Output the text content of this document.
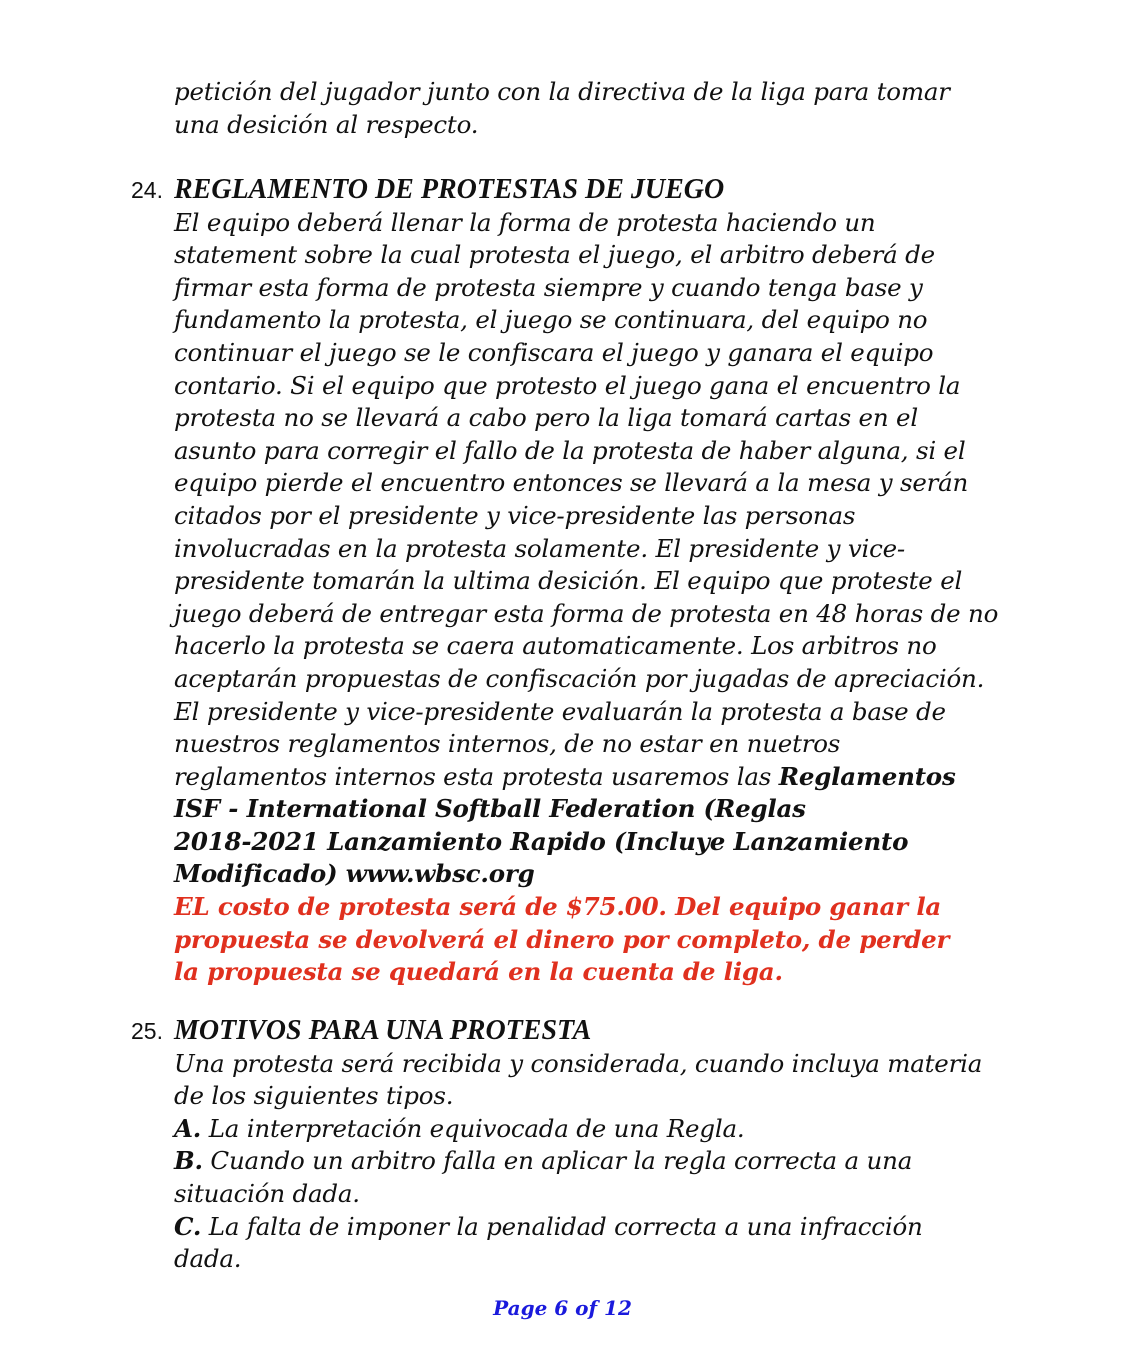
petición del jugador junto con la directiva de la liga para tomar
una desición al respecto.
24. REGLAMENTO DE PROTESTAS DE JUEGO
El equipo deberá llenar la forma de protesta haciendo un
statement sobre la cual protesta el juego, el arbitro deberá de
firmar esta forma de protesta siempre y cuando tenga base y
fundamento la protesta, el juego se continuara, del equipo no
continuar el juego se le confiscara el juego y ganara el equipo
contario. Si el equipo que protesto el juego gana el encuentro la
protesta no se llevará a cabo pero la liga tomará cartas en el
asunto para corregir el fallo de la protesta de haber alguna, si el
equipo pierde el encuentro entonces se llevará a la mesa y serán
citados por el presidente y vice-presidente las personas
involucradas en la protesta solamente. El presidente y vice-
presidente tomarán la ultima desición. El equipo que proteste el
juego deberá de entregar esta forma de protesta en 48 horas de no
hacerlo la protesta se caera automaticamente. Los arbitros no
aceptarán propuestas de confiscación por jugadas de apreciación.
El presidente y vice-presidente evaluarán la protesta a base de
nuestros reglamentos internos, de no estar en nuetros
reglamentos internos esta protesta usaremos las Reglamentos
ISF - International Softball Federation (Reglas
2018-2021 Lanzamiento Rapido (Incluye Lanzamiento
Modificado) www.wbsc.org
EL costo de protesta será de $75.00. Del equipo ganar la
propuesta se devolverá el dinero por completo, de perder
la propuesta se quedará en la cuenta de liga.
25. MOTIVOS PARA UNA PROTESTA
Una protesta será recibida y considerada, cuando incluya materia
de los siguientes tipos.
A. La interpretación equivocada de una Regla.
B. Cuando un arbitro falla en aplicar la regla correcta a una
situación dada.
C. La falta de imponer la penalidad correcta a una infracción
dada.
Page 6 of 12
